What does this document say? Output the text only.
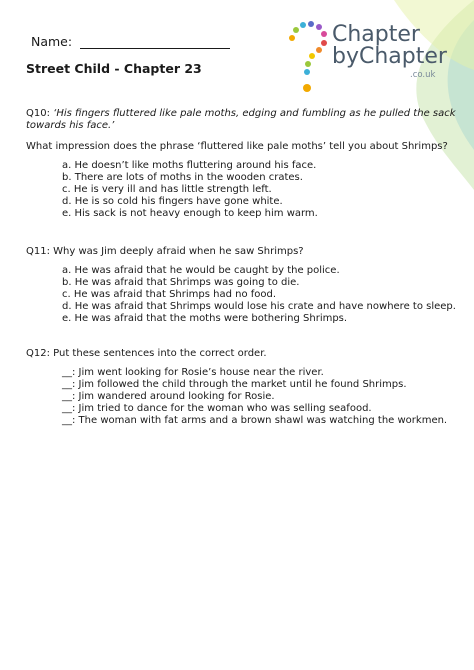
Name:
Street Child - Chapter 23
Chapter
byChapter
.co.uk
Q10: ‘His fingers fluttered like pale moths, edging and fumbling as he pulled the sack
towards his face.’
What impression does the phrase ‘fluttered like pale moths’ tell you about Shrimps?
a. He doesn’t like moths fluttering around his face.
b. There are lots of moths in the wooden crates.
c. He is very ill and has little strength left.
d. He is so cold his fingers have gone white.
e. His sack is not heavy enough to keep him warm.
Q11: Why was Jim deeply afraid when he saw Shrimps?
a. He was afraid that he would be caught by the police.
b. He was afraid that Shrimps was going to die.
c. He was afraid that Shrimps had no food.
d. He was afraid that Shrimps would lose his crate and have nowhere to sleep.
e. He was afraid that the moths were bothering Shrimps.
Q12: Put these sentences into the correct order.
__: Jim went looking for Rosie’s house near the river.
__: Jim followed the child through the market until he found Shrimps.
__: Jim wandered around looking for Rosie.
__: Jim tried to dance for the woman who was selling seafood.
__: The woman with fat arms and a brown shawl was watching the workmen.
